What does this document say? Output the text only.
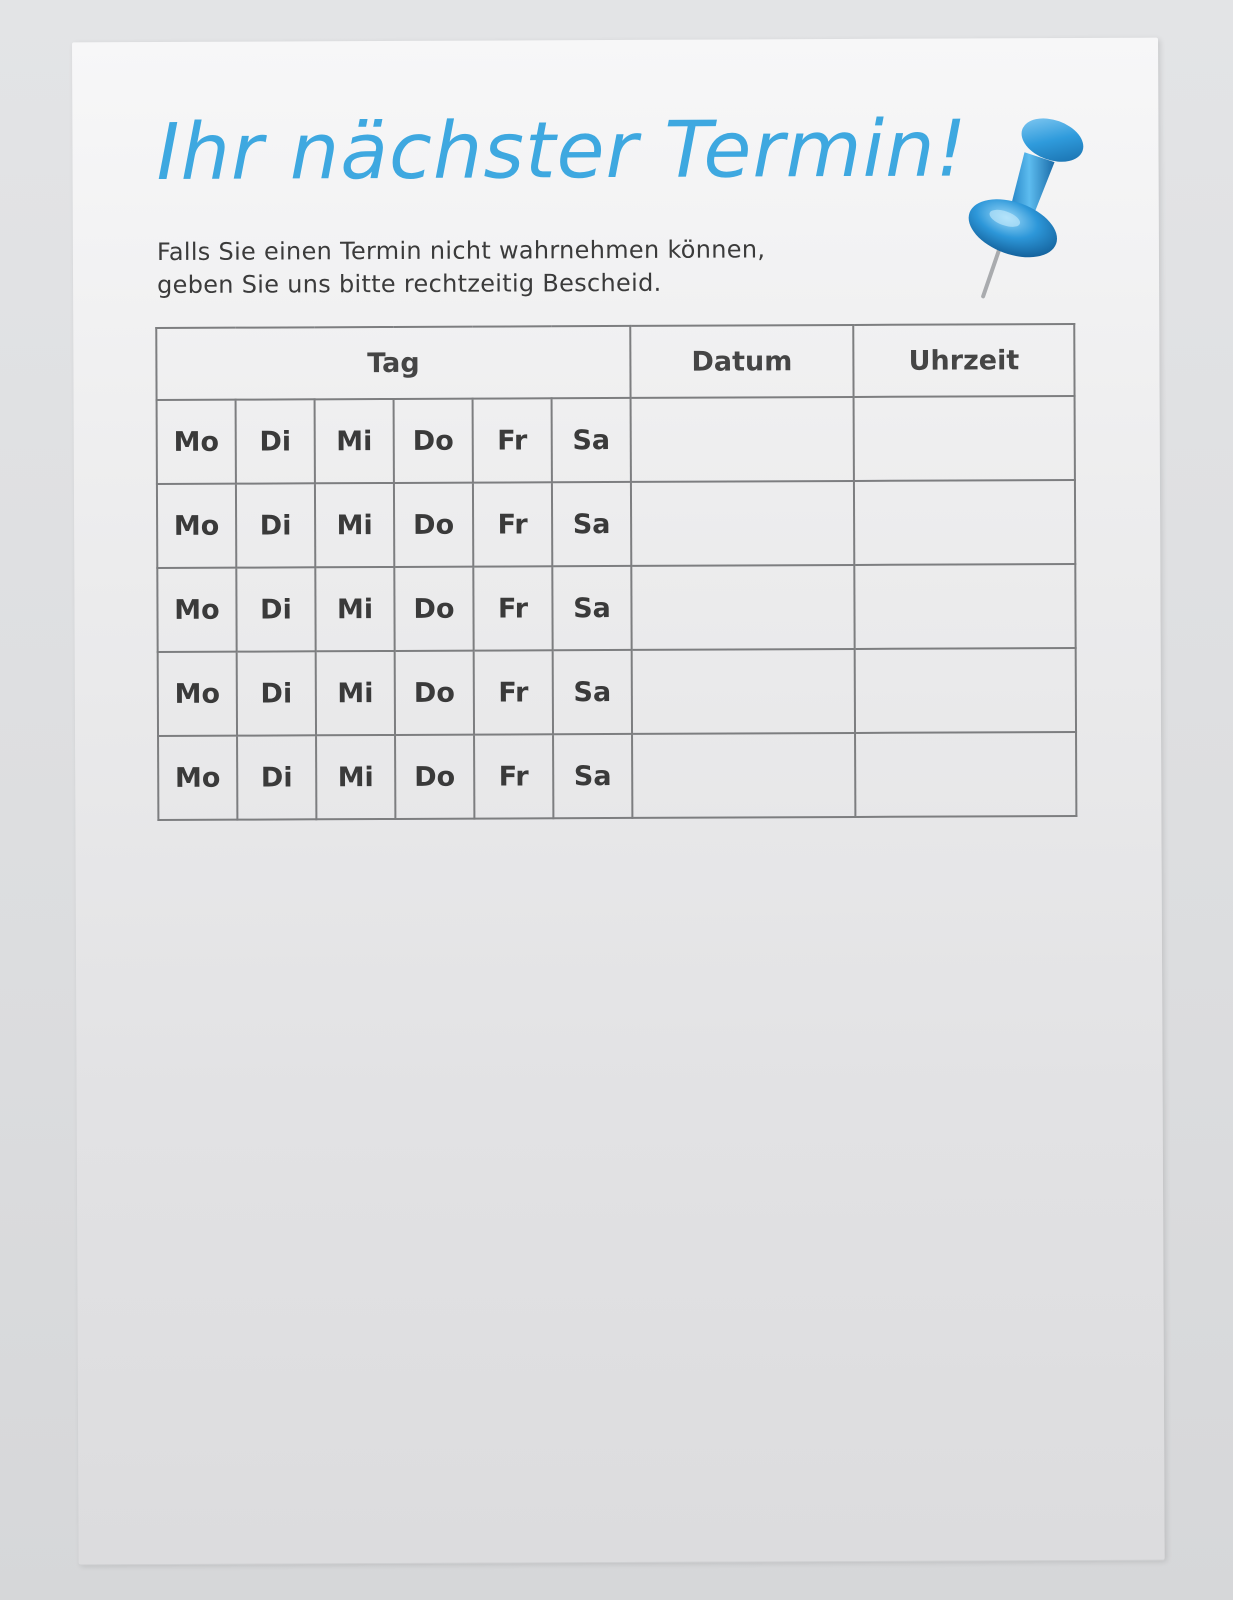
Ihr nächster Termin!

Falls Sie einen Termin nicht wahrnehmen können,
geben Sie uns bitte rechtzeitig Bescheid.

Tag						Datum	Uhrzeit
Mo	Di	Mi	Do	Fr	Sa		
Mo	Di	Mi	Do	Fr	Sa		
Mo	Di	Mi	Do	Fr	Sa		
Mo	Di	Mi	Do	Fr	Sa		
Mo	Di	Mi	Do	Fr	Sa		
